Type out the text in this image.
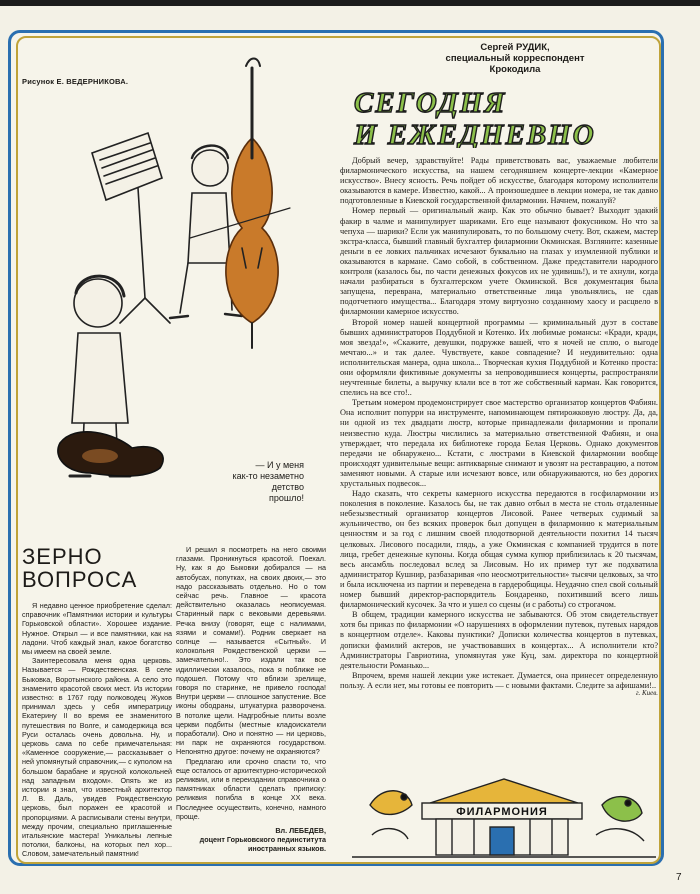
Рисунок Е. ВЕДЕРНИКОВА.
— И у меня
как-то незаметно
детство
прошло!
ЗЕРНО
ВОПРОСА

Я недавно ценное приобретение сделал: справочник «Памятники истории и культуры Горьковской области». Хорошее издание. Нужное. Открыл — и все памятники, как на ладони. Чтоб каждый знал, какое богатство мы имеем на своей земле.

Заинтересовала меня одна церковь. Называется — Рождественская. В селе Быковка, Воротынского района. А село это знаменито красотой своих мест. Из истории известно: в 1767 году полководец Жуков принимал здесь у себя императрицу Екатерину II во время ее знаменитого путешествия по Волге, и самодержица вся Руси осталась очень довольна. Ну, и церковь сама по себе примечательная: «Каменное сооружение,— рассказывает о ней упомянутый справочник,— с куполом на большом барабане и ярусной колокольней над западным входом». Опять же из истории я знал, что известный архитектор Л. В. Даль, увидев Рождественскую церковь, был поражен ее красотой и пропорциями. А расписывали стены внутри, между прочим, специально приглашенные итальянские мастера! Уникальны лепные потолки, балконы, на которых пел хор... Словом, замечательный памятник!

И решил я посмотреть на него своими глазами. Проникнуться красотой. Поехал. Ну, как я до Быковки добирался — на автобусах, попутках, на своих двоих,— это надо рассказывать отдельно. Но о том сейчас речь. Главное — красота действительно оказалась неописуемая. Старинный парк с вековыми деревьями. Речка внизу (говорят, еще с налимами, язями и сомами!). Родник сверкает на солнце — называется «Сытный». И колокольня Рождественской церкви — замечательно!.. Это издали так все идиллически казалось, пока я поближе не подошел. Потому что вблизи зрелище, говоря по старинке, не привело господа! Внутри церкви — сплошное запустение. Все иконы ободраны, штукатурка разворочена. В потолке щели. Надгробные плиты возле церкви подбиты (местные кладоискатели поработали). Оно и понятно — ни церковь, ни парк не охраняются государством. Непонятно другое: почему не охраняются?

Предлагаю или срочно спасти то, что еще осталось от архитектурно-исторической реликвии, или в переиздании справочника о памятниках области сделать приписку: реликвия погибла в конце XX века. Последнее осуществить, конечно, намного проще.

Вл. ЛЕБЕДЕВ,
доцент Горьковского пединститута
иностранных языков.
Сергей РУДИК,
специальный корреспондент
Крокодила
СЕГОДНЯ
И ЕЖЕДНЕВНО

Добрый вечер, здравствуйте! Рады приветствовать вас, уважаемые любители филармонического искусства, на нашем сегодняшнем концерте-лекции «Камерное искусство». Внесу ясность. Речь пойдет об искусстве, благодаря которому исполнители оказываются в камере. Известно, какой... А произошедшее в лекции номера, не так давно подготовленные в Киевской государственной филармонии. Начнем, пожалуй?

Номер первый — оригинальный жанр. Как это обычно бывает? Выходит эдакий факир в чалме и манипулирует шариками. Его еще называют фокусником. Но что за чепуха — шарики? Если уж манипулировать, то по большому счету. Вот, скажем, мастер экстра-класса, бывший главный бухгалтер филармонии Окминская. Взгляните: казенные деньги в ее ловких пальчиках исчезают буквально на глазах у изумленной публики и оказываются в кармане. Само собой, в собственном. Даже представители народного контроля (казалось бы, по части денежных фокусов их не удивишь!), и те ахнули, когда начали разбираться в бухгалтерском учете Окминской. Вся документация была запущена, переврана, материально ответственные лица увольнялись, не сдав подотчетного имущества... Благодаря этому виртуозно созданному хаосу и расцвело в филармонии камерное искусство.

Второй номер нашей концертной программы — криминальный дуэт в составе бывших администраторов Поддубной и Котенко. Их любимые романсы: «Кради, кради, моя звезда!», «Скажите, девушки, подружке вашей, что я ночей не сплю, о выгоде мечтаю...» и так далее. Чувствуете, какое совпадение? И неудивительно: одна исполнительская манера, одна школа... Творческая кухня Поддубной и Котенко проста: они оформляли фиктивные документы за непроводившиеся концерты, распространяли неучтенные билеты, а выручку клали все в тот же собственный карман. Как говорится, спелись на все сто!..

Третьим номером продемонстрирует свое мастерство организатор концертов Фабиян. Она исполнит попурри на инструменте, напоминающем пятирожковую люстру. Да, да, ни одной из тех двадцати люстр, которые принадлежали филармонии и пропали неизвестно куда. Люстры числились за материально ответственной Фабиян, и она утверждает, что передала их библиотеке города Белая Церковь. Однако документов передачи не обнаружено... Кстати, с люстрами в Киевской филармонии вообще происходят удивительные вещи: антикварные снимают и увозят на реставрацию, а потом заменяют новыми. А старые или исчезают вовсе, или обнаруживаются, но без дорогих хрустальных подвесок...

Надо сказать, что секреты камерного искусства передаются в госфилармонии из поколения в поколение. Казалось бы, не так давно отбыл в места не столь отдаленные небезызвестный организатор концертов Лисовой. Ранее четверых судимый за жульничество, он без всяких проверок был допущен в филармонию к материальным ценностям и за год с лишним своей плодотворной деятельности похитил 14 тысяч целковых. Лисового посадили, глядь, а уже Окминская с компанией трудится в поте лица, гребет денежные купоны. Когда общая сумма купюр приблизилась к 20 тысячам, весь ансамбль последовал вслед за Лисовым. Но их пример тут же подхватила администратор Кушнир, разбазаривая «по неосмотрительности» тысячи целковых, за что и была исключена из партии и переведена в гардеробщицы. Неудачно спел свой сольный номер бывший директор-распорядитель Бондаренко, похитивший всего лишь филармонический кусочек. За что и ушел со сцены (и с работы) со строгачом.

В общем, традиции камерного искусства не забываются. Об этом свидетельствует хотя бы приказ по филармонии «О нарушениях в оформлении путевок, путевых нарядов в концертном отделе». Каковы пунктики? Дописки количества концертов в путевках, дописки фамилий актеров, не участвовавших в концертах... А исполнители кто? Администраторы Гавриотина, упомянутая уже Куц, зам. директора по концертной деятельности Романько...

Впрочем, время нашей лекции уже истекает. Думается, она принесет определенную пользу. А если нет, мы готовы ее повторить — с новыми фактами. Следите за афишами!..

г. Киев.
ФИЛАРМОНИЯ
7
